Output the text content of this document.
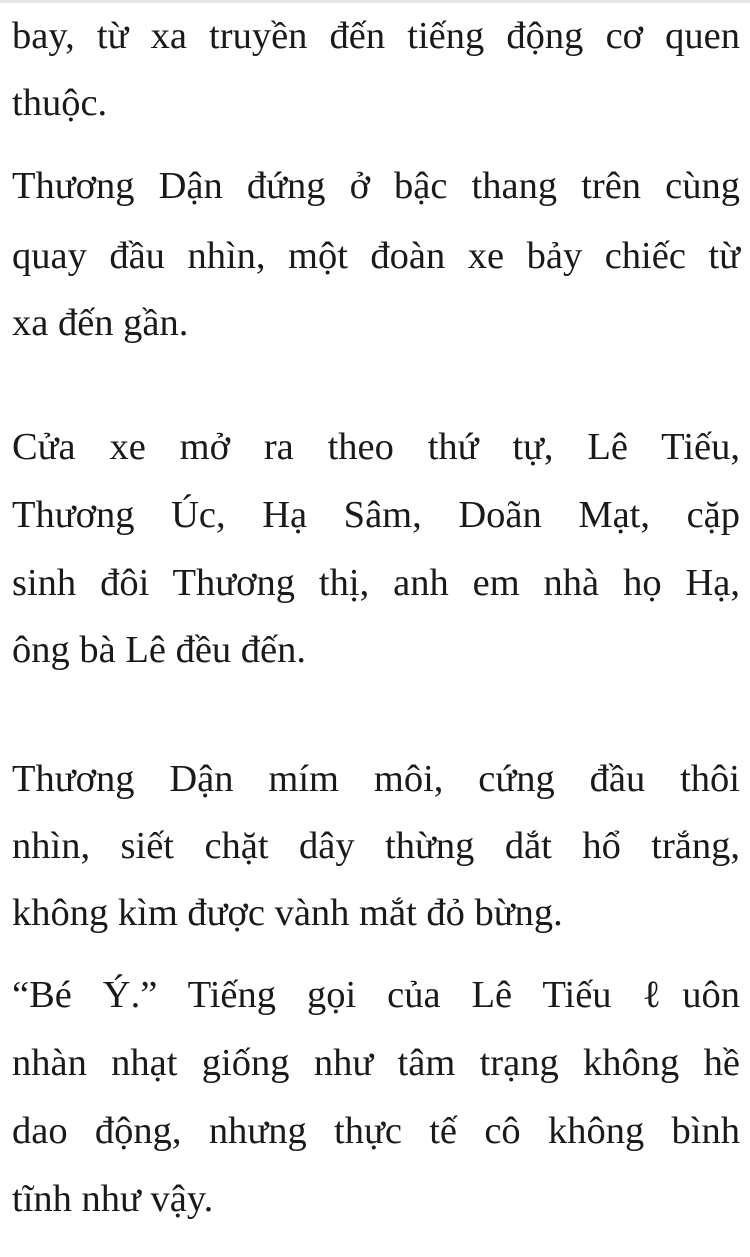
bay, từ xa truyền đến tiếng động cơ quen
thuộc.
Thương Dận đứng ở bậc thang trên cùng
quay đầu nhìn, một đoàn xe bảy chiếc từ
xa đến gần.
Cửa xe mở ra theo thứ tự, Lê Tiếu,
Thương Úc, Hạ Sâm, Doãn Mạt, cặp
sinh đôi Thương thị, anh em nhà họ Hạ,
ông bà Lê đều đến.
Thương Dận mím môi, cứng đầu thôi
nhìn, siết chặt dây thừng dắt hổ trắng,
không kìm được vành mắt đỏ bừng.
“Bé Ý.” Tiếng gọi của Lê Tiếu ℓuôn
nhàn nhạt giống như tâm trạng không hề
dao động, nhưng thực tế cô không bình
tĩnh như vậy.
